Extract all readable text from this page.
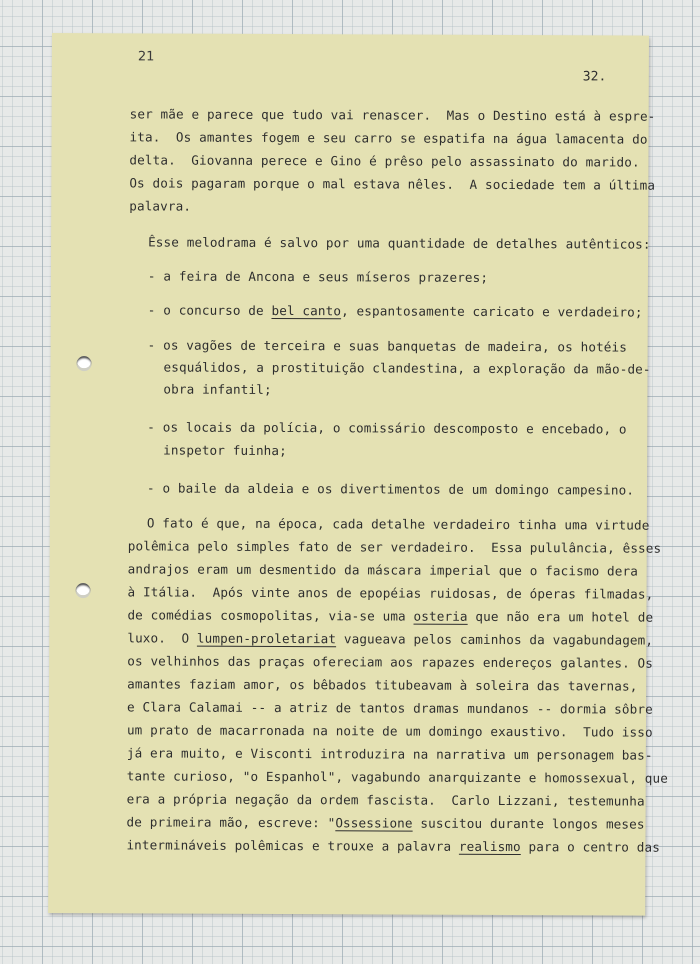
21
32.
ser mãe e parece que tudo vai renascer.  Mas o Destino está à espre-
ita.  Os amantes fogem e seu carro se espatifa na água lamacenta do
delta.  Giovanna perece e Gino é prêso pelo assassinato do marido.
Os dois pagaram porque o mal estava nêles.  A sociedade tem a última
palavra.
Êsse melodrama é salvo por uma quantidade de detalhes autênticos:
- a feira de Ancona e seus míseros prazeres;
- o concurso de bel canto, espantosamente caricato e verdadeiro;
- os vagões de terceira e suas banquetas de madeira, os hotéis
esquálidos, a prostituição clandestina, a exploração da mão-de-
obra infantil;
- os locais da polícia, o comissário descomposto e encebado, o
inspetor fuinha;
- o baile da aldeia e os divertimentos de um domingo campesino.
O fato é que, na época, cada detalhe verdadeiro tinha uma virtude
polêmica pelo simples fato de ser verdadeiro.  Essa pululância, êsses
andrajos eram um desmentido da máscara imperial que o facismo dera
à Itália.  Após vinte anos de epopéias ruidosas, de óperas filmadas,
de comédias cosmopolitas, via-se uma osteria que não era um hotel de
luxo.  O lumpen-proletariat vagueava pelos caminhos da vagabundagem,
os velhinhos das praças ofereciam aos rapazes endereços galantes. Os
amantes faziam amor, os bêbados titubeavam à soleira das tavernas,
e Clara Calamai -- a atriz de tantos dramas mundanos -- dormia sôbre
um prato de macarronada na noite de um domingo exaustivo.  Tudo isso
já era muito, e Visconti introduzira na narrativa um personagem bas-
tante curioso, "o Espanhol", vagabundo anarquizante e homossexual, que
era a própria negação da ordem fascista.  Carlo Lizzani, testemunha
de primeira mão, escreve: "Ossessione suscitou durante longos meses
intermináveis polêmicas e trouxe a palavra realismo para o centro das
